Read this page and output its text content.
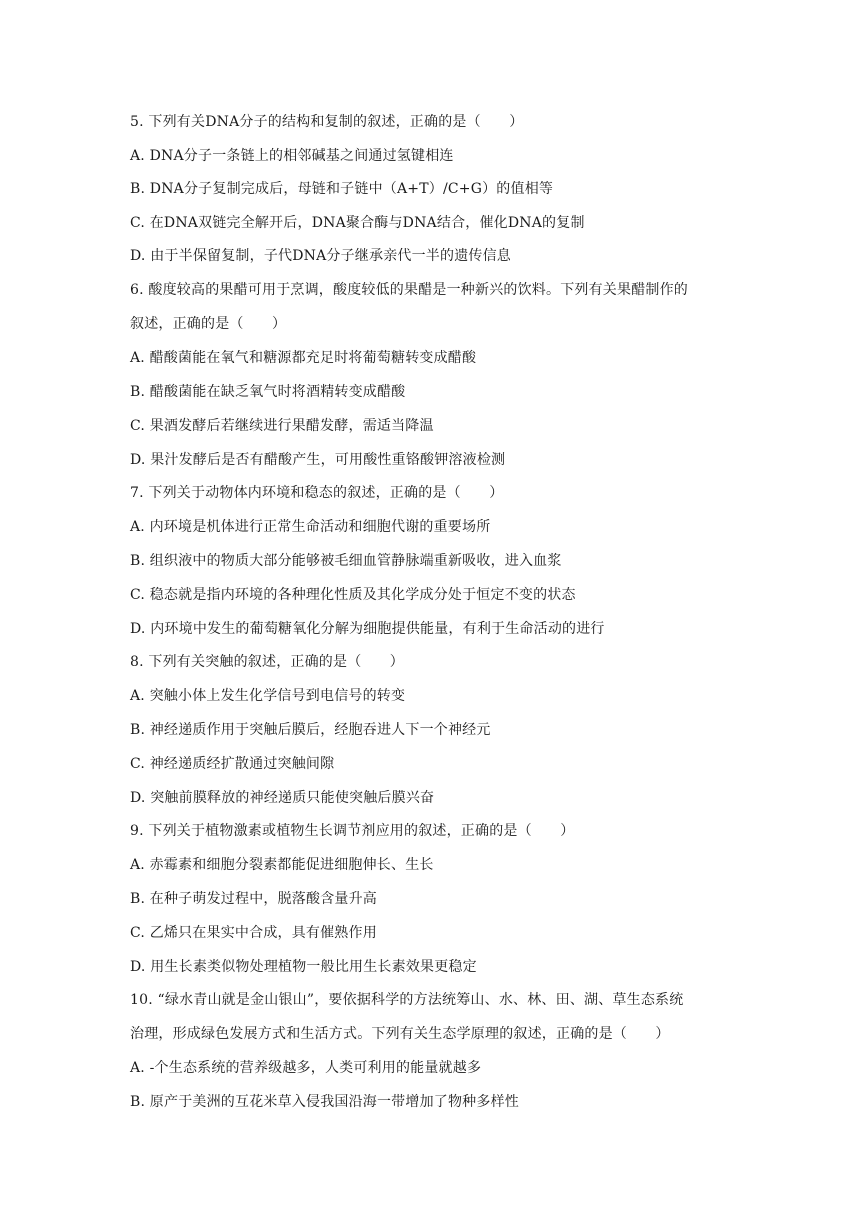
5. 下列有关DNA分子的结构和复制的叙述，正确的是（　　）
A. DNA分子一条链上的相邻碱基之间通过氢键相连
B. DNA分子复制完成后，母链和子链中（A+T）/C+G）的值相等
C. 在DNA双链完全解开后，DNA聚合酶与DNA结合，催化DNA的复制
D. 由于半保留复制，子代DNA分子继承亲代一半的遗传信息
6. 酸度较高的果醋可用于烹调，酸度较低的果醋是一种新兴的饮料。下列有关果醋制作的
叙述，正确的是（　　）
A. 醋酸菌能在氧气和糖源都充足时将葡萄糖转变成醋酸
B. 醋酸菌能在缺乏氧气时将酒精转变成醋酸
C. 果酒发酵后若继续进行果醋发酵，需适当降温
D. 果汁发酵后是否有醋酸产生，可用酸性重铬酸钾溶液检测
7. 下列关于动物体内环境和稳态的叙述，正确的是（　　）
A. 内环境是机体进行正常生命活动和细胞代谢的重要场所
B. 组织液中的物质大部分能够被毛细血管静脉端重新吸收，进入血浆
C. 稳态就是指内环境的各种理化性质及其化学成分处于恒定不变的状态
D. 内环境中发生的葡萄糖氧化分解为细胞提供能量，有利于生命活动的进行
8. 下列有关突触的叙述，正确的是（　　）
A. 突触小体上发生化学信号到电信号的转变
B. 神经递质作用于突触后膜后，经胞吞进人下一个神经元
C. 神经递质经扩散通过突触间隙
D. 突触前膜释放的神经递质只能使突触后膜兴奋
9. 下列关于植物激素或植物生长调节剂应用的叙述，正确的是（　　）
A. 赤霉素和细胞分裂素都能促进细胞伸长、生长
B. 在种子萌发过程中，脱落酸含量升高
C. 乙烯只在果实中合成，具有催熟作用
D. 用生长素类似物处理植物一般比用生长素效果更稳定
10. “绿水青山就是金山银山”，要依据科学的方法统筹山、水、林、田、湖、草生态系统
治理，形成绿色发展方式和生活方式。下列有关生态学原理的叙述，正确的是（　　）
A. -个生态系统的营养级越多，人类可利用的能量就越多
B. 原产于美洲的互花米草入侵我国沿海一带增加了物种多样性
